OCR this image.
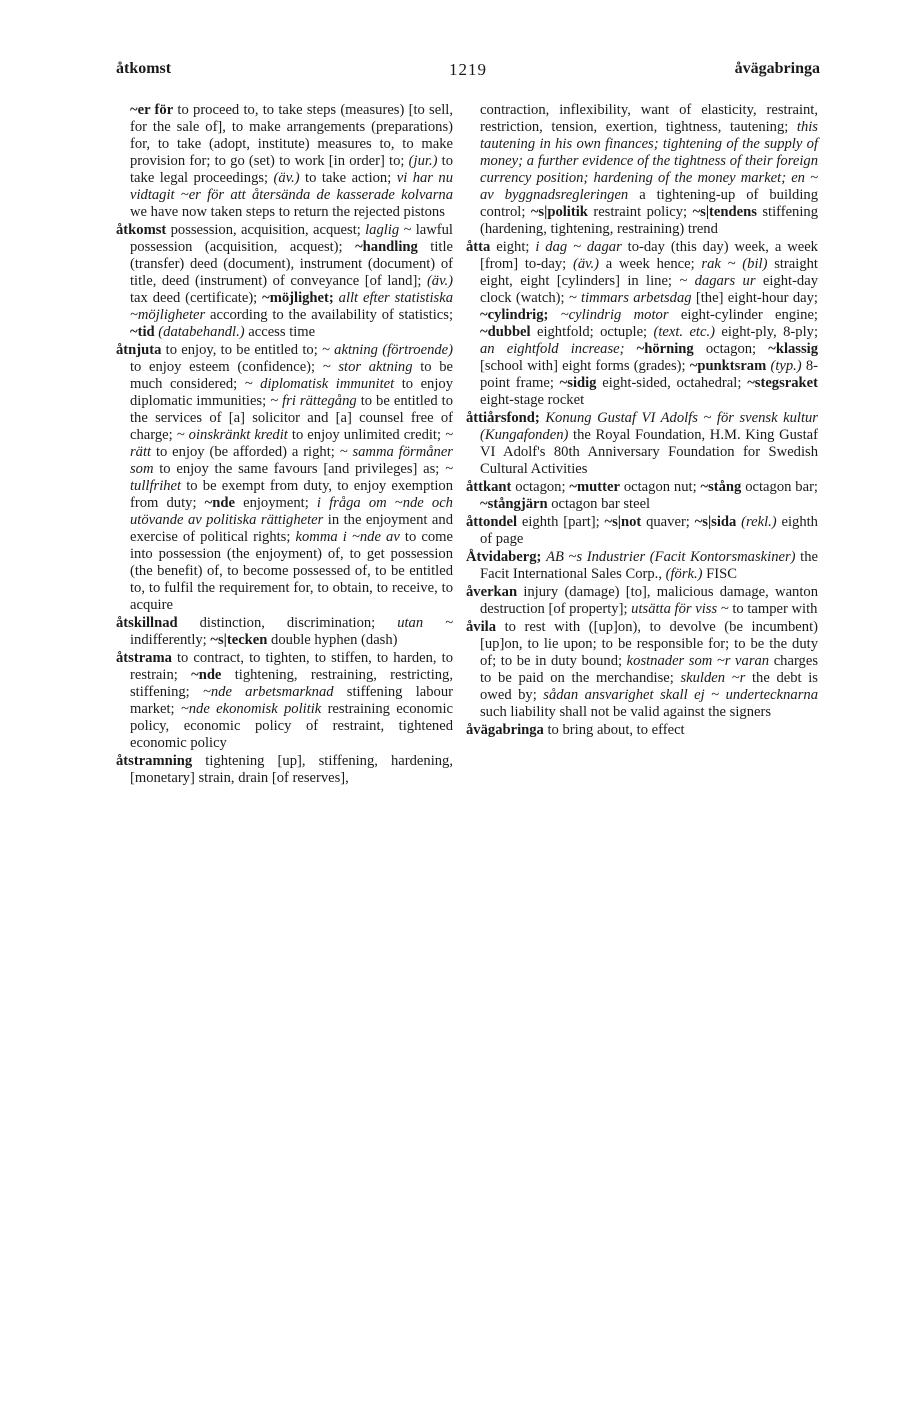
åtkomst	1219	åvägabringa
~er för to proceed to, to take steps (measures) [to sell, for the sale of], to make arrangements (preparations) for, to take (adopt, institute) measures to, to make provision for; to go (set) to work [in order] to; (jur.) to take legal proceedings; (äv.) to take action; vi har nu vidtagit ~er för att återsända de kasserade kolvarna we have now taken steps to return the rejected pistons
åtkomst possession, acquisition, acquest; laglig ~ lawful possession (acquisition, acquest); ~handling title (transfer) deed (document), instrument (document) of title, deed (instrument) of conveyance [of land]; (äv.) tax deed (certificate); ~möjlighet; allt efter statistiska ~möjligheter according to the availability of statistics; ~tid (databehandl.) access time
åtnjuta to enjoy, to be entitled to; ~ aktning (förtroende) to enjoy esteem (confidence); ~ stor aktning to be much considered; ~ diplomatisk immunitet to enjoy diplomatic immunities; ~ fri rättegång to be entitled to the services of [a] solicitor and [a] counsel free of charge; ~ oinskränkt kredit to enjoy unlimited credit; ~ rätt to enjoy (be afforded) a right; ~ samma förmåner som to enjoy the same favours [and privileges] as; ~ tullfrihet to be exempt from duty, to enjoy exemption from duty; ~nde enjoyment; i fråga om ~nde och utövande av politiska rättigheter in the enjoyment and exercise of political rights; komma i ~nde av to come into possession (the enjoyment) of, to get possession (the benefit) of, to become possessed of, to be entitled to, to fulfil the requirement for, to obtain, to receive, to acquire
åtskillnad distinction, discrimination; utan ~ indifferently; ~s|tecken double hyphen (dash)
åtstrama to contract, to tighten, to stiffen, to harden, to restrain; ~nde tightening, restraining, restricting, stiffening; ~nde arbetsmarknad stiffening labour market; ~nde ekonomisk politik restraining economic policy, economic policy of restraint, tightened economic policy
åtstramning tightening [up], stiffening, hardening, [monetary] strain, drain [of reserves],
contraction, inflexibility, want of elasticity, restraint, restriction, tension, exertion, tightness, tautening; this tautening in his own finances; tightening of the supply of money; a further evidence of the tightness of their foreign currency position; hardening of the money market; en ~ av byggnadsregleringen a tightening-up of building control; ~s|politik restraint policy; ~s|tendens stiffening (hardening, tightening, restraining) trend
åtta eight; i dag ~ dagar to-day (this day) week, a week [from] to-day; (äv.) a week hence; rak ~ (bil) straight eight, eight [cylinders] in line; ~ dagars ur eight-day clock (watch); ~ timmars arbetsdag [the] eight-hour day; ~cylindrig; ~cylindrig motor eight-cylinder engine; ~dubbel eightfold; octuple; (text. etc.) eight-ply, 8-ply; an eightfold increase; ~hörning octagon; ~klassig [school with] eight forms (grades); ~punktsram (typ.) 8-point frame; ~sidig eight-sided, octahedral; ~stegsraket eight-stage rocket
åttiårsfond; Konung Gustaf VI Adolfs ~ för svensk kultur (Kungafonden) the Royal Foundation, H.M. King Gustaf VI Adolf's 80th Anniversary Foundation for Swedish Cultural Activities
åttkant octagon; ~mutter octagon nut; ~stång octagon bar; ~stångjärn octagon bar steel
åttondel eighth [part]; ~s|not quaver; ~s|sida (rekl.) eighth of page
Åtvidaberg; AB ~s Industrier (Facit Kontorsmaskiner) the Facit International Sales Corp., (förk.) FISC
åverkan injury (damage) [to], malicious damage, wanton destruction [of property]; utsätta för viss ~ to tamper with
åvila to rest with ([up]on), to devolve (be incumbent) [up]on, to lie upon; to be responsible for; to be the duty of; to be in duty bound; kostnader som ~r varan charges to be paid on the merchandise; skulden ~r the debt is owed by; sådan ansvarighet skall ej ~ undertecknarna such liability shall not be valid against the signers
åvägabringa to bring about, to effect
